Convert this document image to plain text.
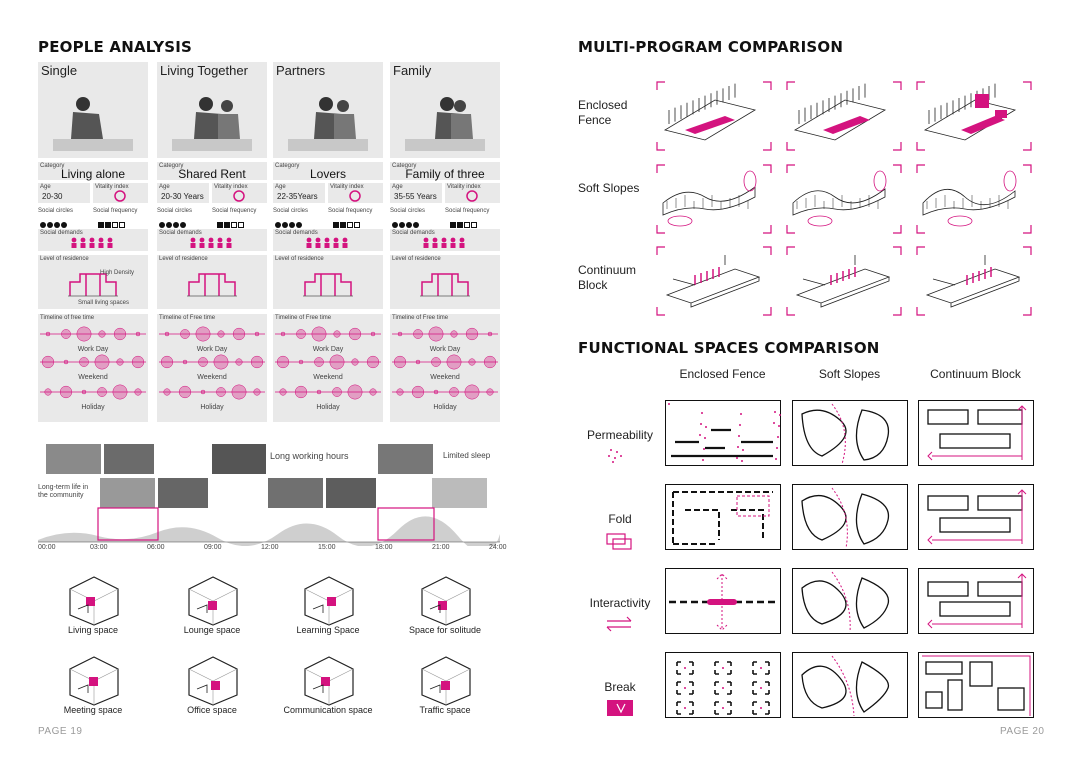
PEOPLE ANALYSIS
Single
Category
Living alone
Age
20-30
Vitality index
Social circles	Social frequency
Social demands
Level of residence
High Density
Small living spaces
Timeline of free time
Work Day
Weekend
Holiday
Living Together
Category
Shared Rent
Age
20-30 Years
Vitality index
Social circles	Social frequency
Social demands
Level of residence
Timeline of Free time
Work Day
Weekend
Holiday
Partners
Category
Lovers
Age
22-35Years
Vitality index
Social circles	Social frequency
Social demands
Level of residence
Timeline of Free time
Work Day
Weekend
Holiday
Family
Category
Family of three
Age
35-55 Years
Vitality index
Social circles	Social frequency
Social demands
Level of residence
Timeline of Free time
Work Day
Weekend
Holiday
Long working hours	Limited sleep
Long-term life in the community
00:00	03:00	06:00	09:00	12:00	15:00	18:00	21:00	24:00
Living space	Lounge space	Learning Space	Space for solitude
Meeting space	Office space	Communication space	Traffic space
PAGE 19
MULTI-PROGRAM COMPARISON
Enclosed Fence
Soft Slopes
Continuum Block
FUNCTIONAL SPACES COMPARISON
Enclosed Fence	Soft Slopes	Continuum Block
Permeability
Fold
Interactivity
Break
PAGE 20
